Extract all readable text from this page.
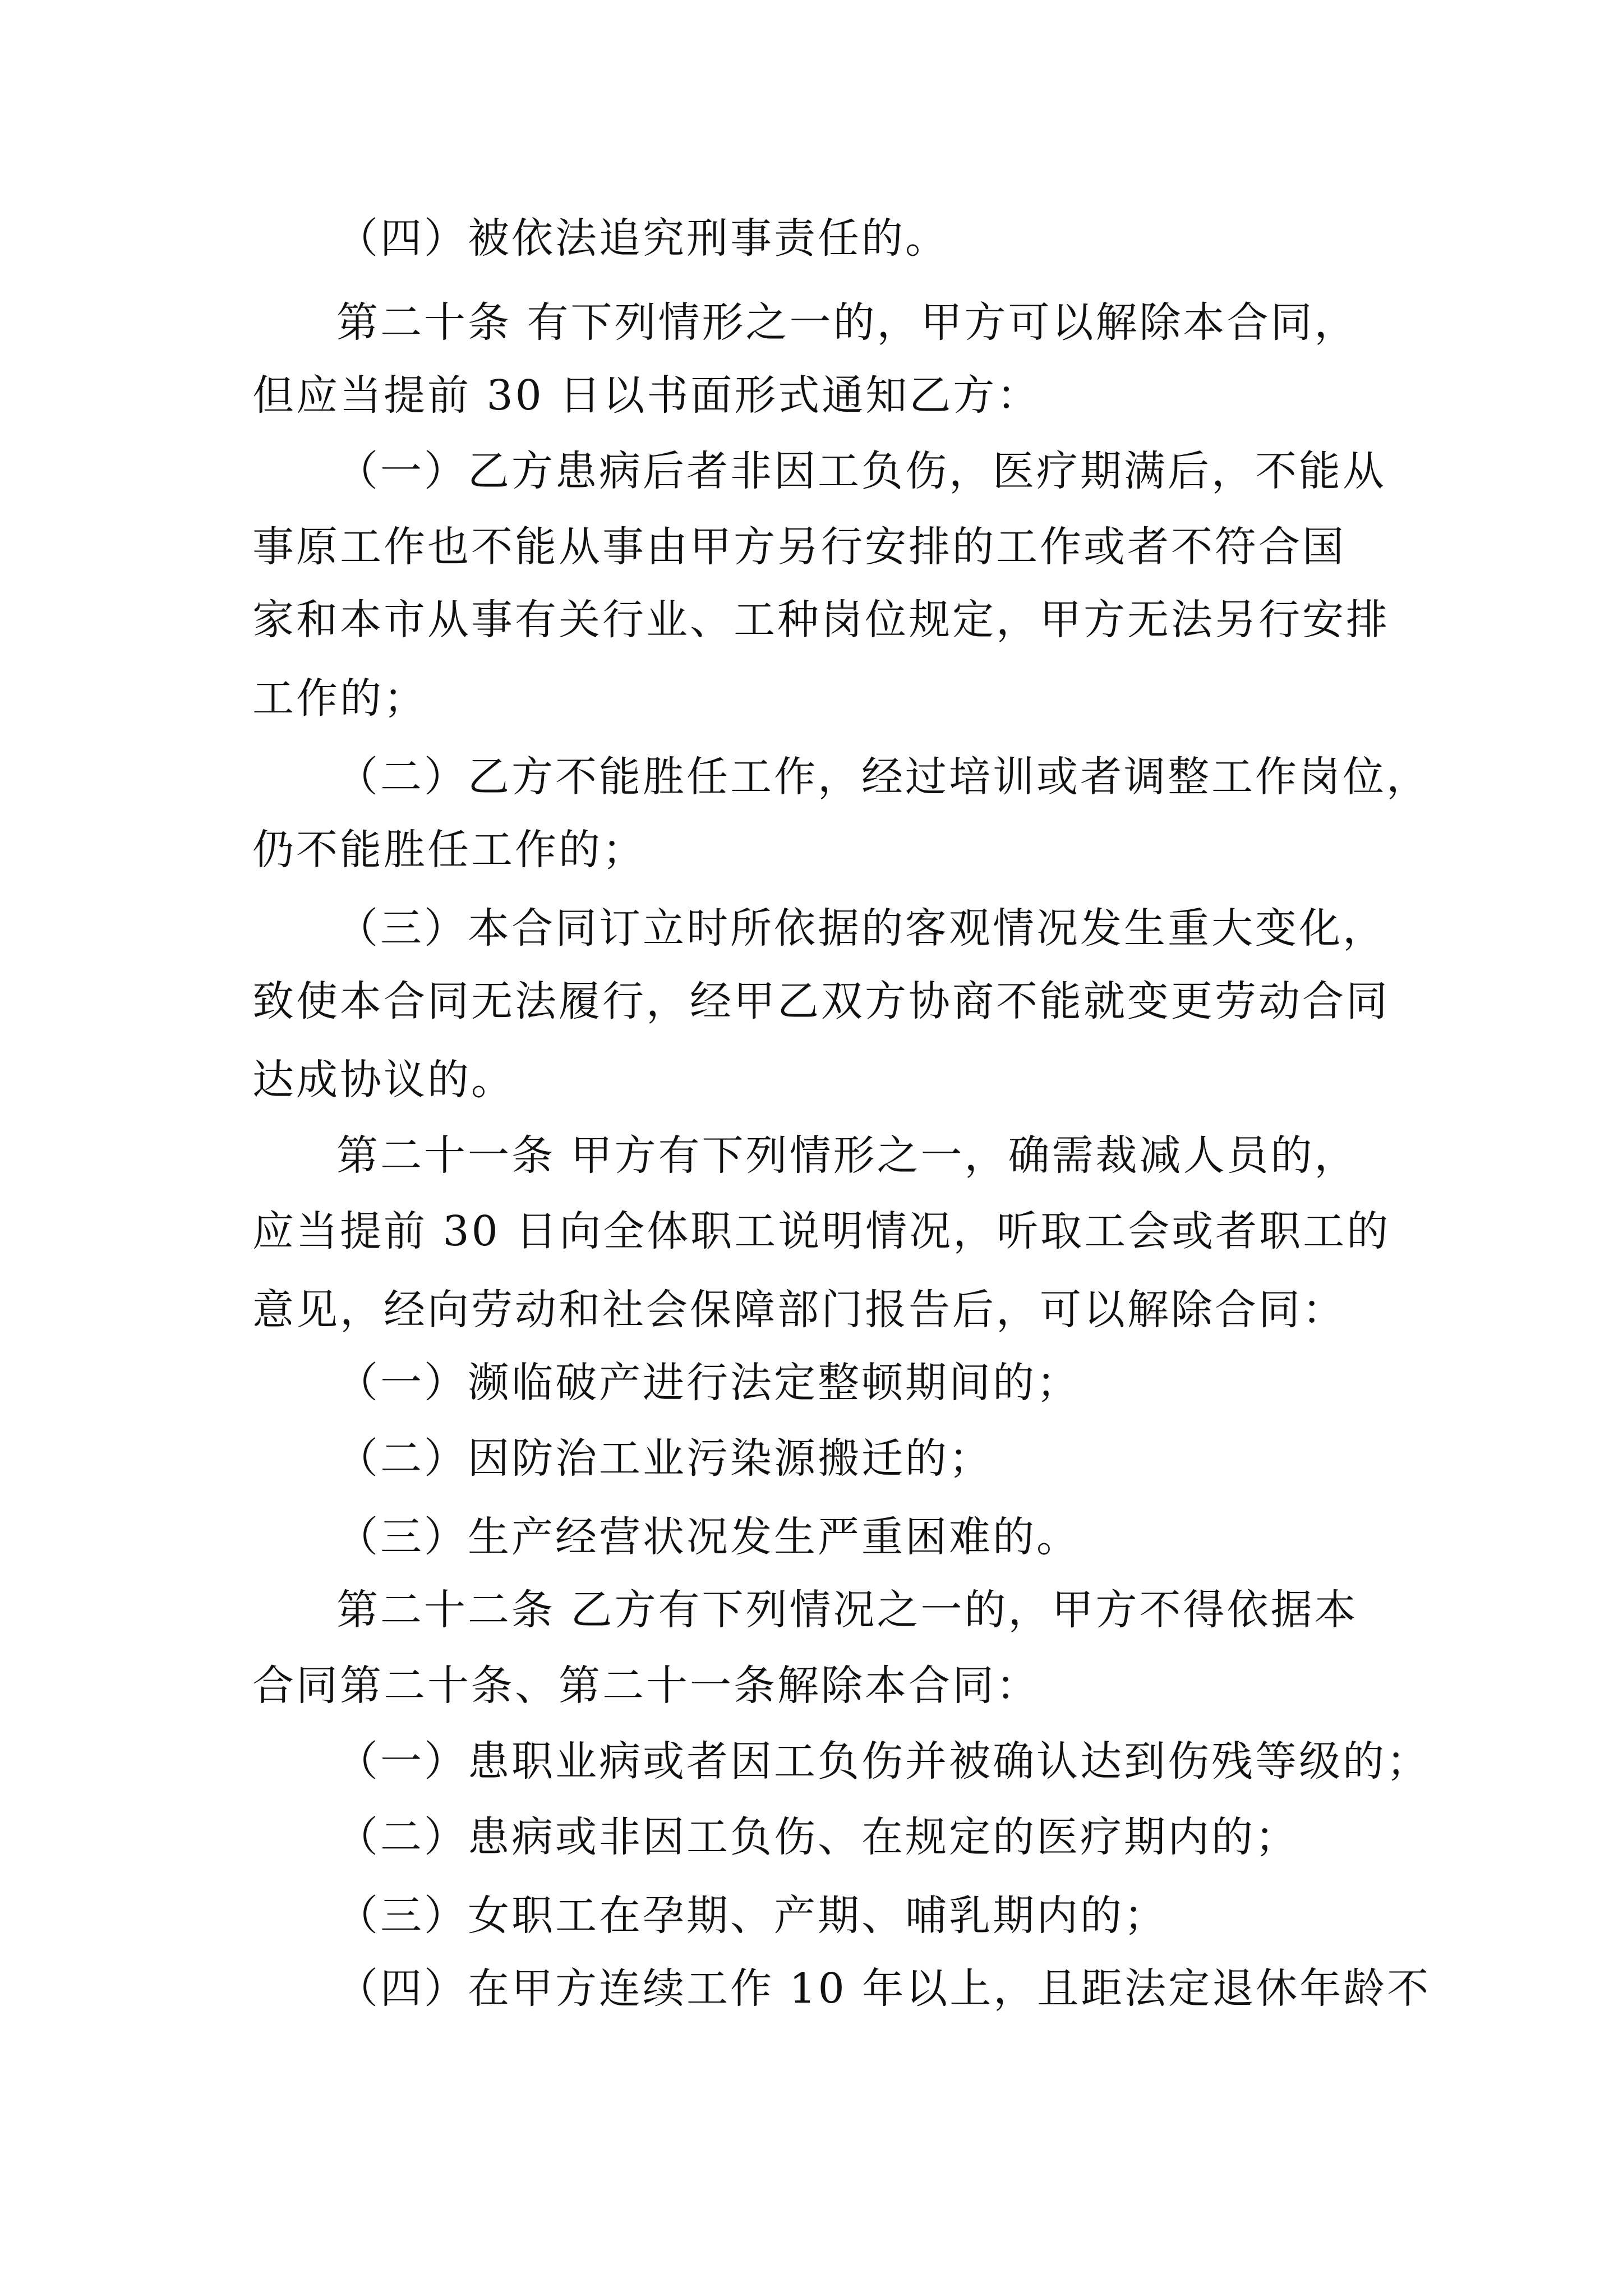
（四）被依法追究刑事责任的。
第二十条 有下列情形之一的，甲方可以解除本合同，
但应当提前 30 日以书面形式通知乙方：
（一）乙方患病后者非因工负伤，医疗期满后，不能从
事原工作也不能从事由甲方另行安排的工作或者不符合国
家和本市从事有关行业、工种岗位规定，甲方无法另行安排
工作的；
（二）乙方不能胜任工作，经过培训或者调整工作岗位，
仍不能胜任工作的；
（三）本合同订立时所依据的客观情况发生重大变化，
致使本合同无法履行，经甲乙双方协商不能就变更劳动合同
达成协议的。
第二十一条 甲方有下列情形之一，确需裁减人员的，
应当提前 30 日向全体职工说明情况，听取工会或者职工的
意见，经向劳动和社会保障部门报告后，可以解除合同：
（一）濒临破产进行法定整顿期间的；
（二）因防治工业污染源搬迁的；
（三）生产经营状况发生严重困难的。
第二十二条 乙方有下列情况之一的，甲方不得依据本
合同第二十条、第二十一条解除本合同：
（一）患职业病或者因工负伤并被确认达到伤残等级的；
（二）患病或非因工负伤、在规定的医疗期内的；
（三）女职工在孕期、产期、哺乳期内的；
（四）在甲方连续工作 10 年以上，且距法定退休年龄不
